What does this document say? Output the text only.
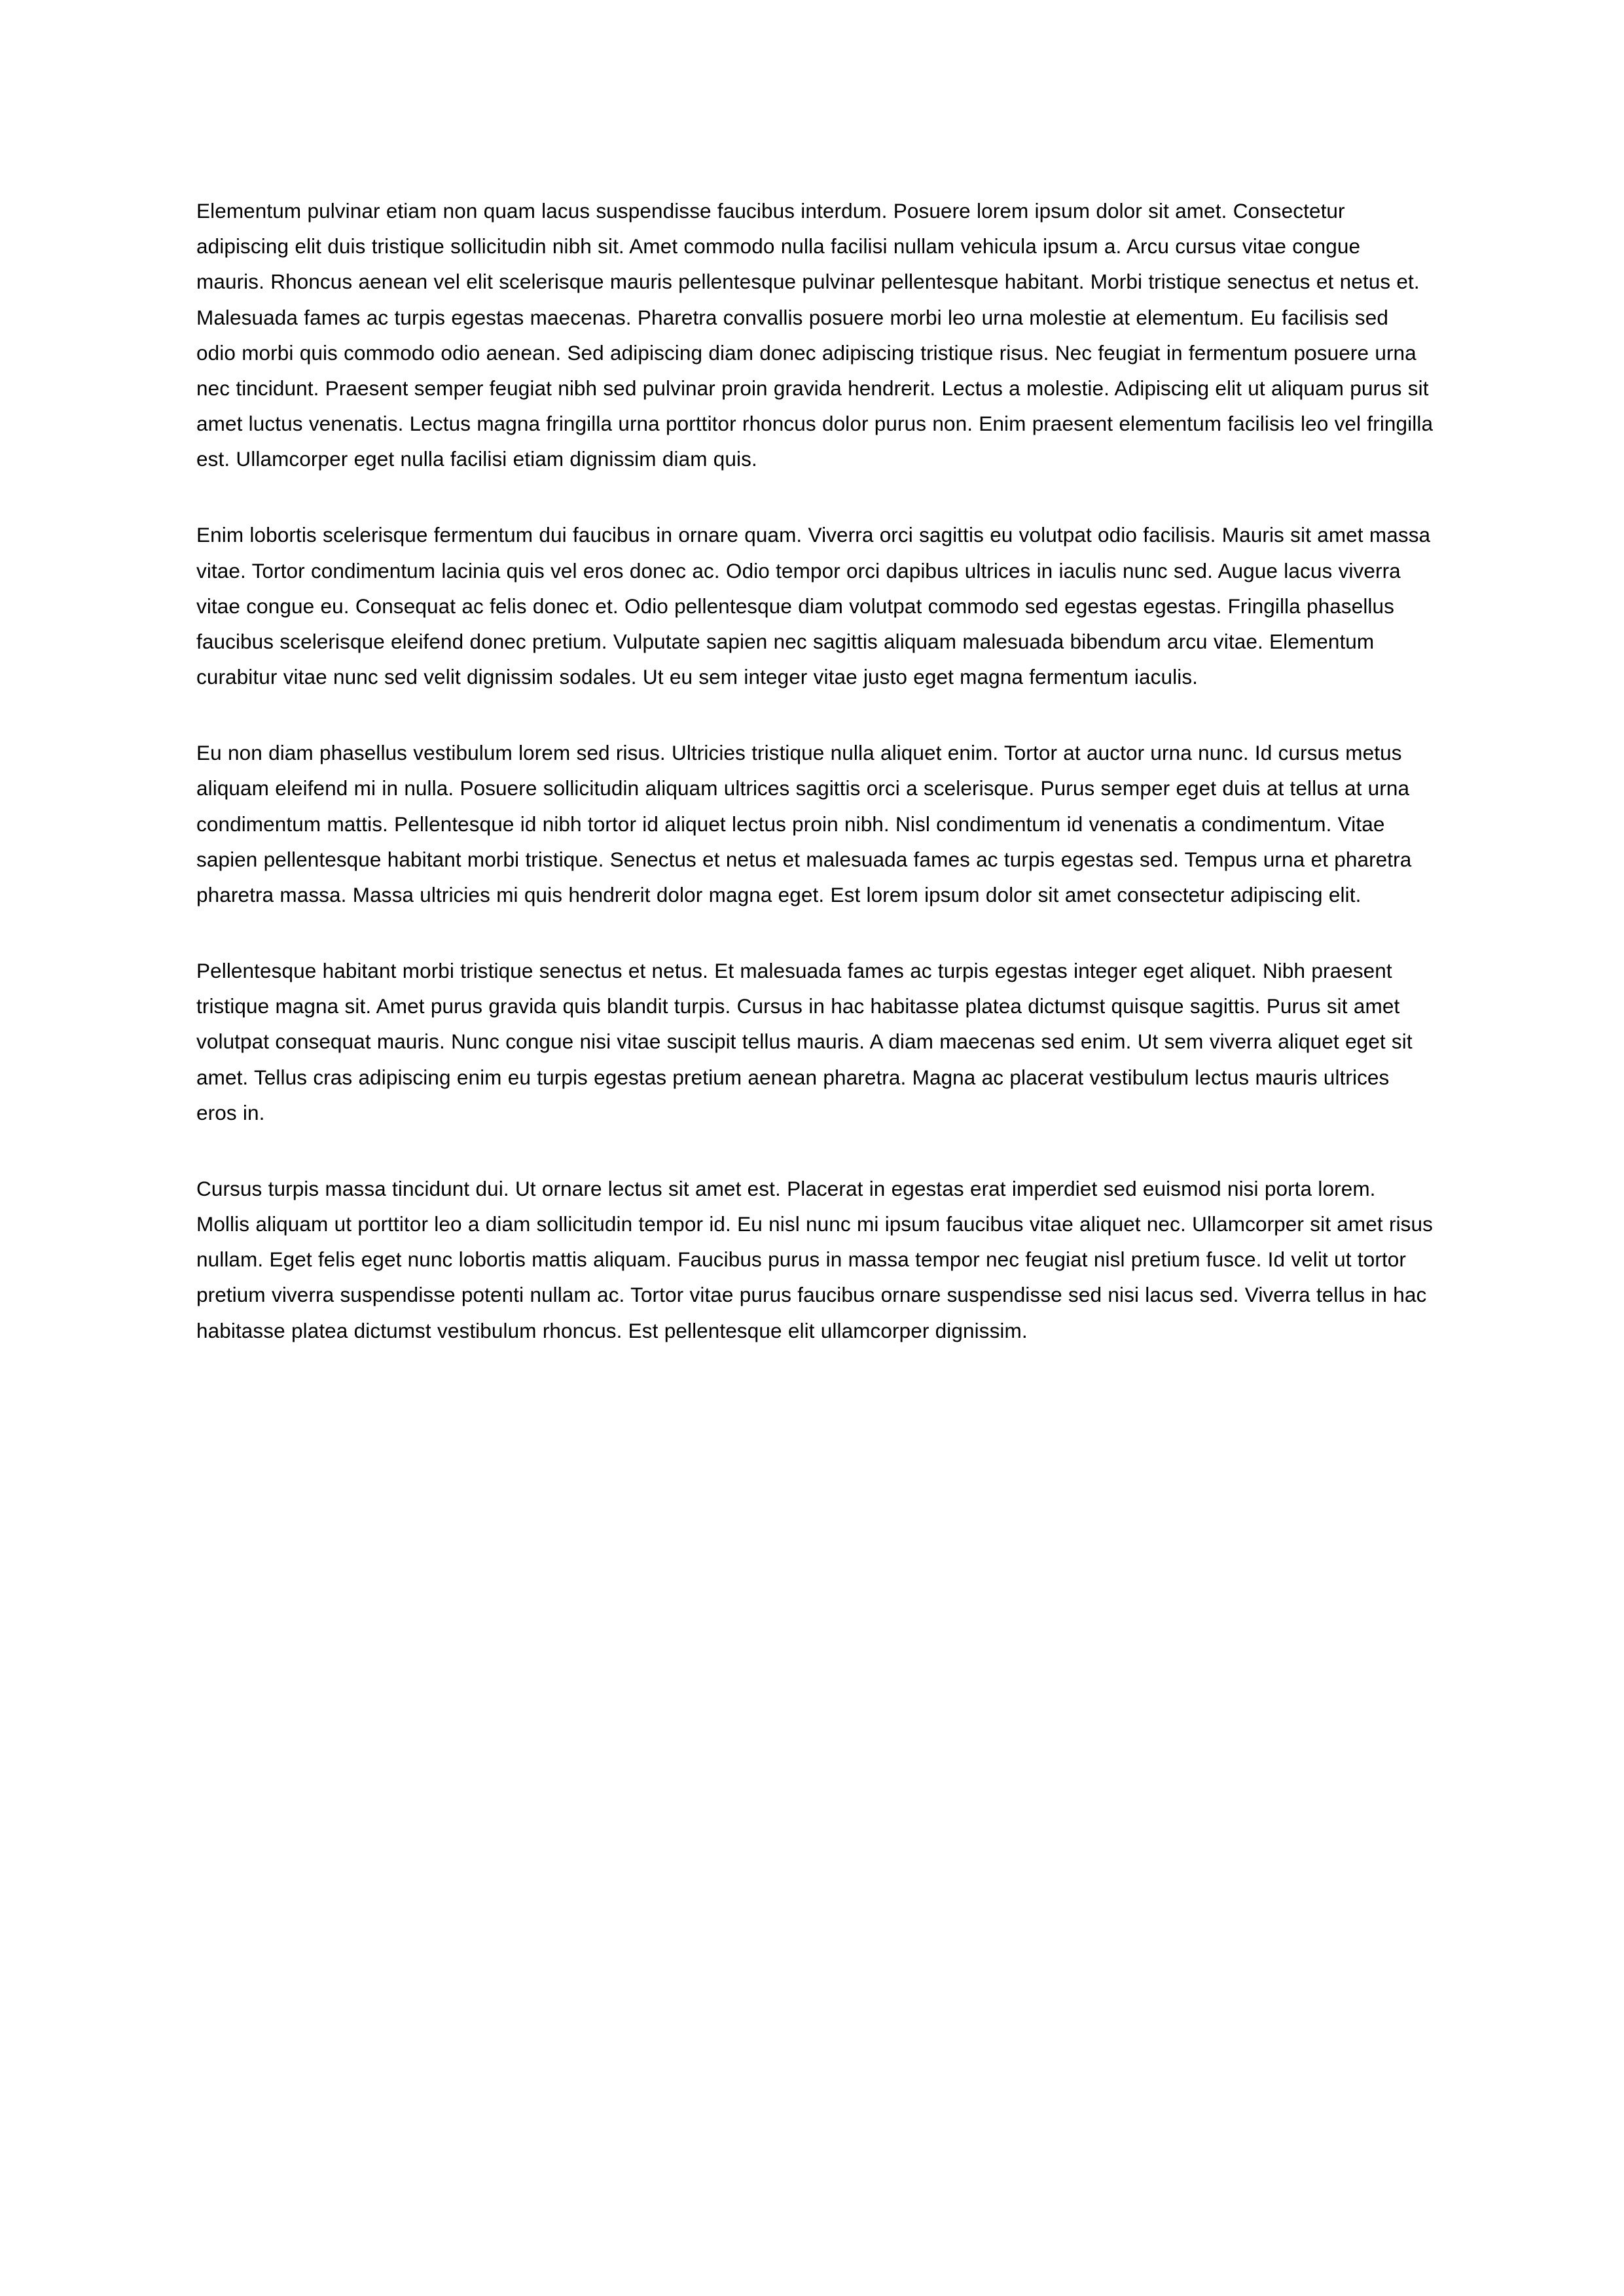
Elementum pulvinar etiam non quam lacus suspendisse faucibus interdum. Posuere lorem ipsum dolor sit amet. Consectetur adipiscing elit duis tristique sollicitudin nibh sit. Amet commodo nulla facilisi nullam vehicula ipsum a. Arcu cursus vitae congue mauris. Rhoncus aenean vel elit scelerisque mauris pellentesque pulvinar pellentesque habitant. Morbi tristique senectus et netus et. Malesuada fames ac turpis egestas maecenas. Pharetra convallis posuere morbi leo urna molestie at elementum. Eu facilisis sed odio morbi quis commodo odio aenean. Sed adipiscing diam donec adipiscing tristique risus. Nec feugiat in fermentum posuere urna nec tincidunt. Praesent semper feugiat nibh sed pulvinar proin gravida hendrerit. Lectus a molestie. Adipiscing elit ut aliquam purus sit amet luctus venenatis. Lectus magna fringilla urna porttitor rhoncus dolor purus non. Enim praesent elementum facilisis leo vel fringilla est. Ullamcorper eget nulla facilisi etiam dignissim diam quis.

Enim lobortis scelerisque fermentum dui faucibus in ornare quam. Viverra orci sagittis eu volutpat odio facilisis. Mauris sit amet massa vitae. Tortor condimentum lacinia quis vel eros donec ac. Odio tempor orci dapibus ultrices in iaculis nunc sed. Augue lacus viverra vitae congue eu. Consequat ac felis donec et. Odio pellentesque diam volutpat commodo sed egestas egestas. Fringilla phasellus faucibus scelerisque eleifend donec pretium. Vulputate sapien nec sagittis aliquam malesuada bibendum arcu vitae. Elementum curabitur vitae nunc sed velit dignissim sodales. Ut eu sem integer vitae justo eget magna fermentum iaculis.

Eu non diam phasellus vestibulum lorem sed risus. Ultricies tristique nulla aliquet enim. Tortor at auctor urna nunc. Id cursus metus aliquam eleifend mi in nulla. Posuere sollicitudin aliquam ultrices sagittis orci a scelerisque. Purus semper eget duis at tellus at urna condimentum mattis. Pellentesque id nibh tortor id aliquet lectus proin nibh. Nisl condimentum id venenatis a condimentum. Vitae sapien pellentesque habitant morbi tristique. Senectus et netus et malesuada fames ac turpis egestas sed. Tempus urna et pharetra pharetra massa. Massa ultricies mi quis hendrerit dolor magna eget. Est lorem ipsum dolor sit amet consectetur adipiscing elit.

Pellentesque habitant morbi tristique senectus et netus. Et malesuada fames ac turpis egestas integer eget aliquet. Nibh praesent tristique magna sit. Amet purus gravida quis blandit turpis. Cursus in hac habitasse platea dictumst quisque sagittis. Purus sit amet volutpat consequat mauris. Nunc congue nisi vitae suscipit tellus mauris. A diam maecenas sed enim. Ut sem viverra aliquet eget sit amet. Tellus cras adipiscing enim eu turpis egestas pretium aenean pharetra. Magna ac placerat vestibulum lectus mauris ultrices eros in.

Cursus turpis massa tincidunt dui. Ut ornare lectus sit amet est. Placerat in egestas erat imperdiet sed euismod nisi porta lorem. Mollis aliquam ut porttitor leo a diam sollicitudin tempor id. Eu nisl nunc mi ipsum faucibus vitae aliquet nec. Ullamcorper sit amet risus nullam. Eget felis eget nunc lobortis mattis aliquam. Faucibus purus in massa tempor nec feugiat nisl pretium fusce. Id velit ut tortor pretium viverra suspendisse potenti nullam ac. Tortor vitae purus faucibus ornare suspendisse sed nisi lacus sed. Viverra tellus in hac habitasse platea dictumst vestibulum rhoncus. Est pellentesque elit ullamcorper dignissim.
